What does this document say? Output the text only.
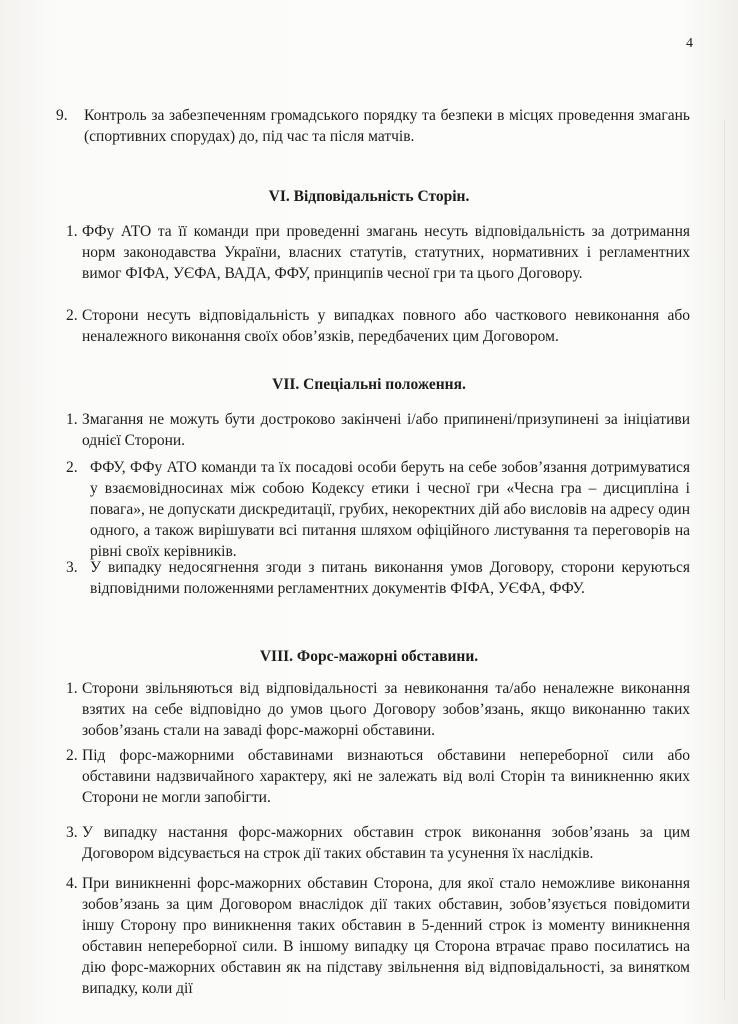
4
9. Контроль за забезпеченням громадського порядку та безпеки в місцях проведення змагань (спортивних спорудах) до, під час та після матчів.
VI. Відповідальність Сторін.
1. ФФу АТО та її команди при проведенні змагань несуть відповідальність за дотримання норм законодавства України, власних статутів, статутних, нормативних і регламентних вимог ФІФА, УЄФА, ВАДА, ФФУ, принципів чесної гри та цього Договору.
2. Сторони несуть відповідальність у випадках повного або часткового невиконання або неналежного виконання своїх обов’язків, передбачених цим Договором.
VII. Спеціальні положення.
1. Змагання не можуть бути достроково закінчені і/або припинені/призупинені за ініціативи однієї Сторони.
2. ФФУ, ФФу АТО команди та їх посадові особи беруть на себе зобов’язання дотримуватися у взаємовідносинах між собою Кодексу етики і чесної гри «Чесна гра – дисципліна і повага», не допускати дискредитації, грубих, некоректних дій або висловів на адресу один одного, а також вирішувати всі питання шляхом офіційного листування та переговорів на рівні своїх керівників.
3. У випадку недосягнення згоди з питань виконання умов Договору, сторони керуються відповідними положеннями регламентних документів ФІФА, УЄФА, ФФУ.
VIII. Форс-мажорні обставини.
1. Сторони звільняються від відповідальності за невиконання та/або неналежне виконання взятих на себе відповідно до умов цього Договору зобов’язань, якщо виконанню таких зобов’язань стали на заваді форс-мажорні обставини.
2. Під форс-мажорними обставинами визнаються обставини непереборної сили або обставини надзвичайного характеру, які не залежать від волі Сторін та виникненню яких Сторони не могли запобігти.
3. У випадку настання форс-мажорних обставин строк виконання зобов’язань за цим Договором відсувається на строк дії таких обставин та усунення їх наслідків.
4. При виникненні форс-мажорних обставин Сторона, для якої стало неможливе виконання зобов’язань за цим Договором внаслідок дії таких обставин, зобов’язується повідомити іншу Сторону про виникнення таких обставин в 5-денний строк із моменту виникнення обставин непереборної сили. В іншому випадку ця Сторона втрачає право посилатись на дію форс-мажорних обставин як на підставу звільнення від відповідальності, за винятком випадку, коли дії
